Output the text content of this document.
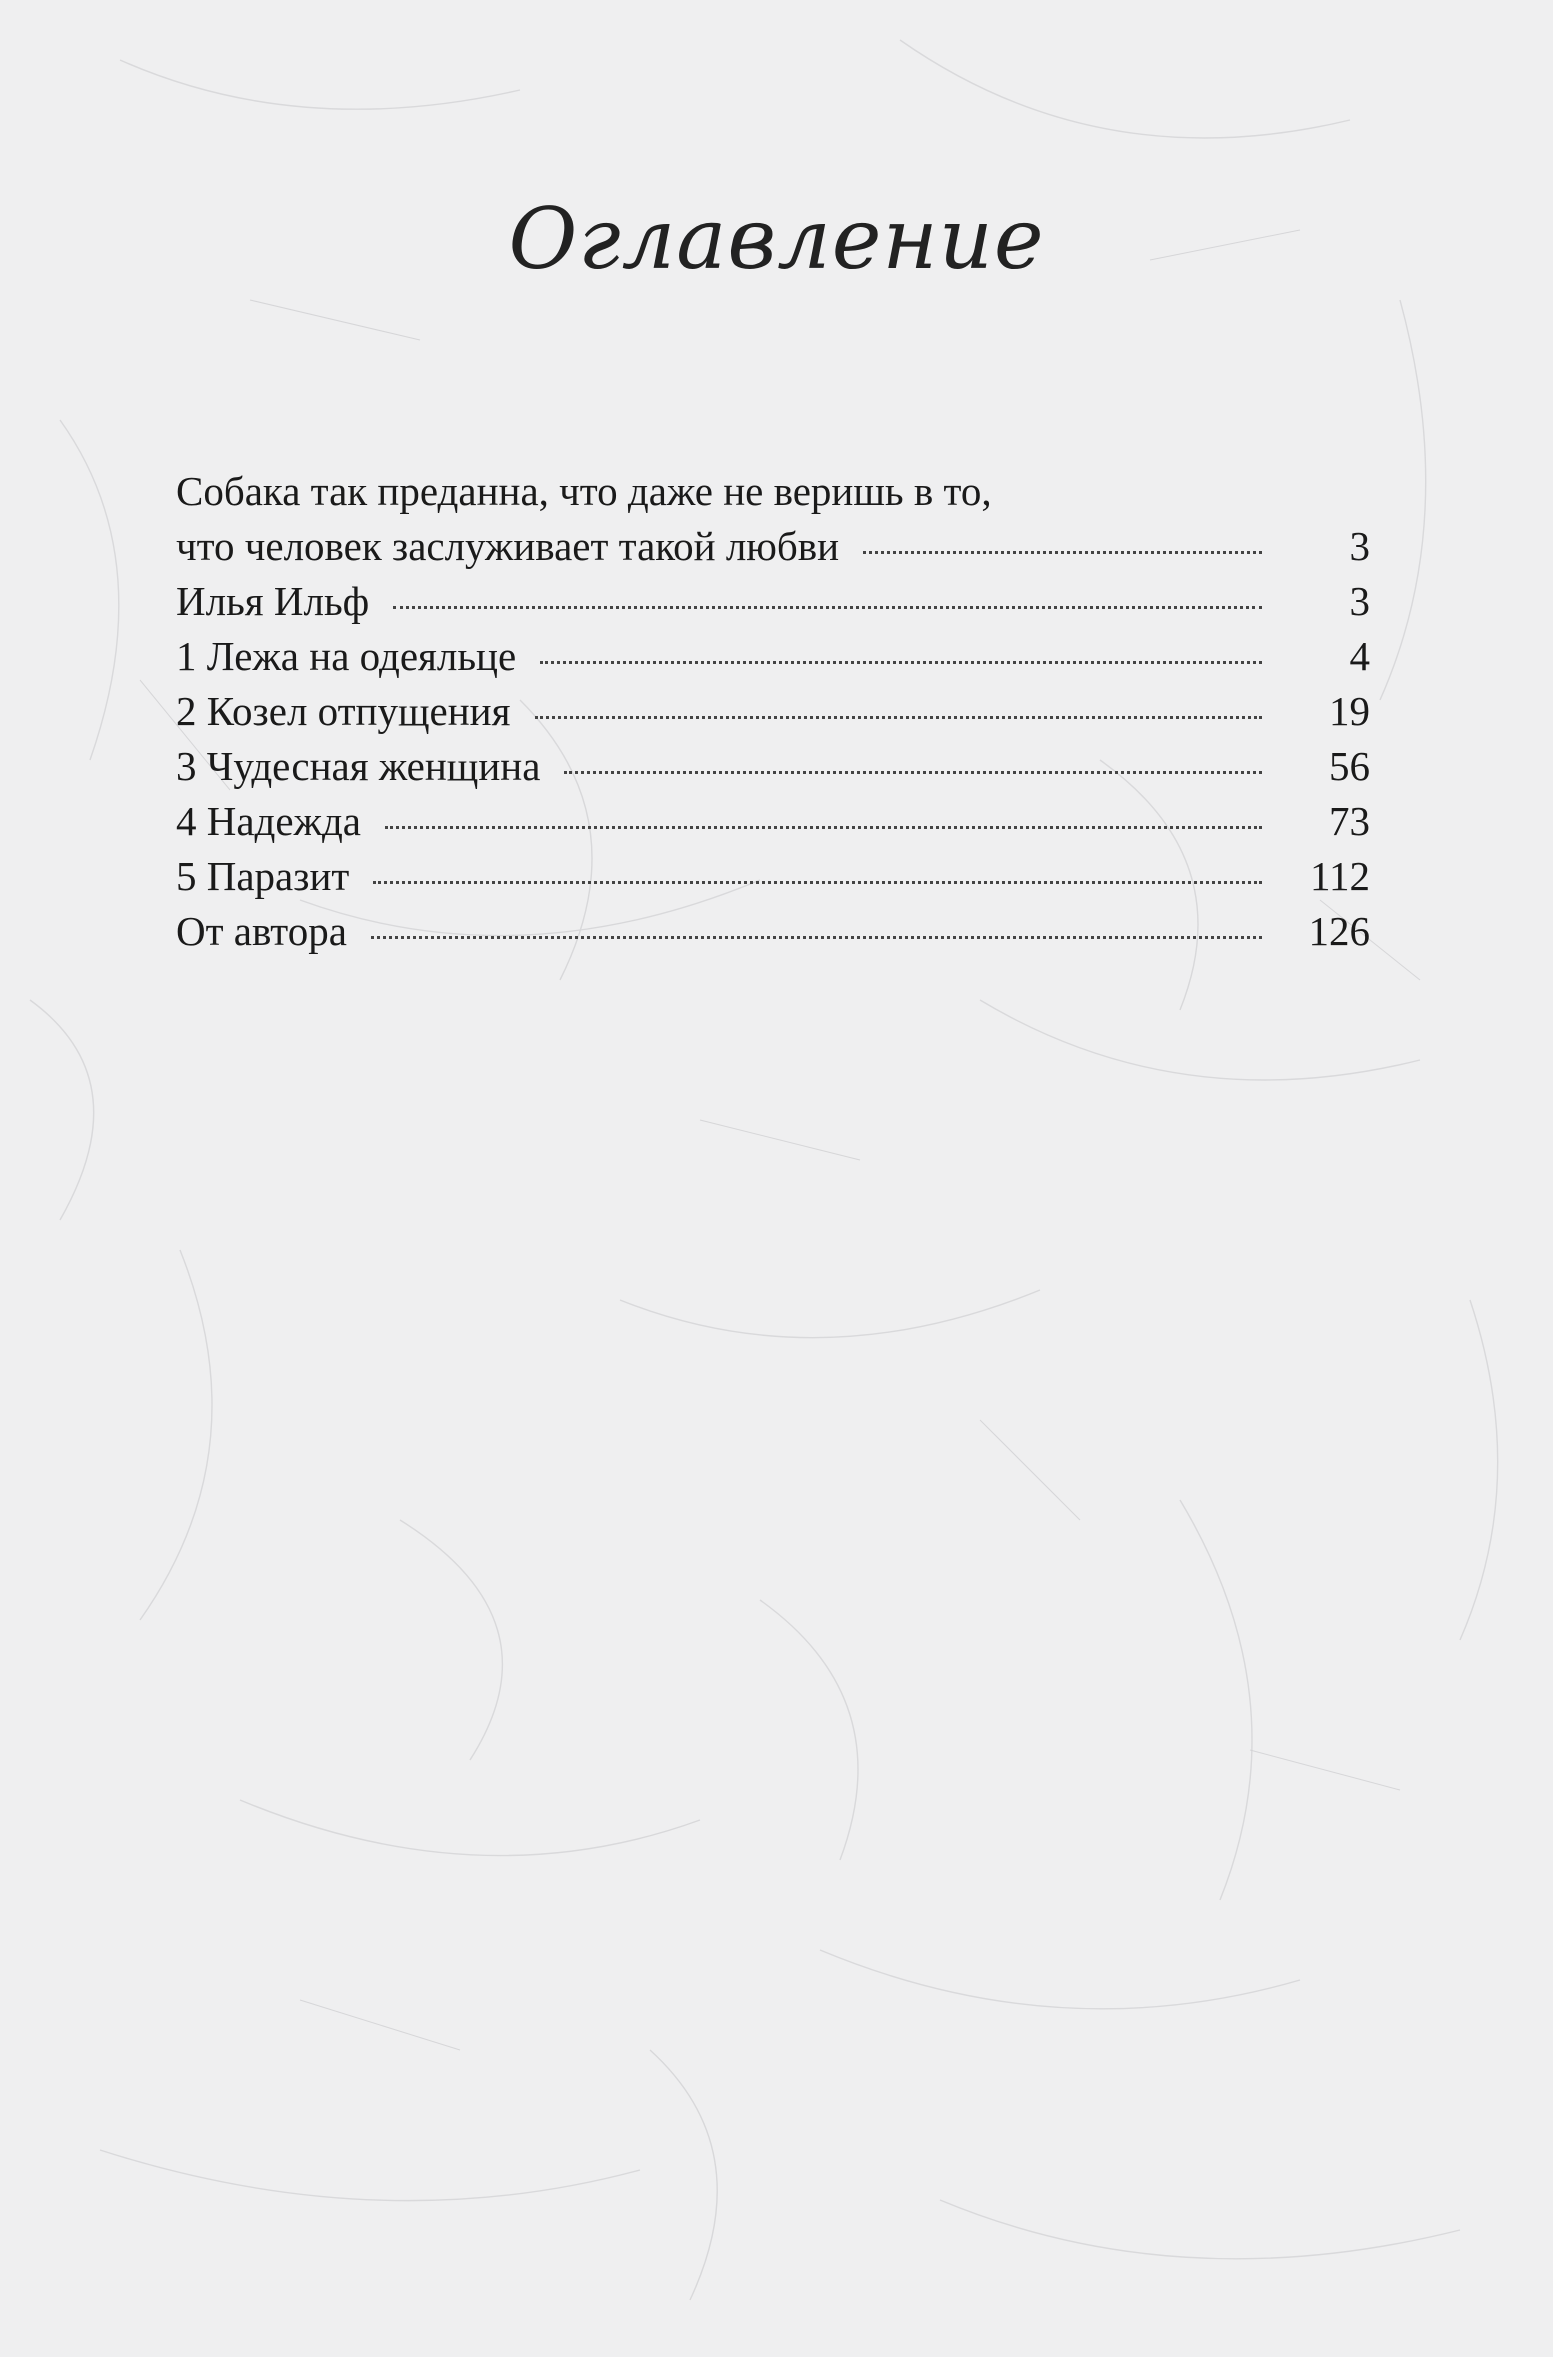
Оглавление
Собака так преданна, что даже не веришь в то,
что человек заслуживает такой любви	3
Илья Ильф	3
1 Лежа на одеяльце	4
2 Козел отпущения	19
3 Чудесная женщина	56
4 Надежда	73
5 Паразит	112
От автора	126
